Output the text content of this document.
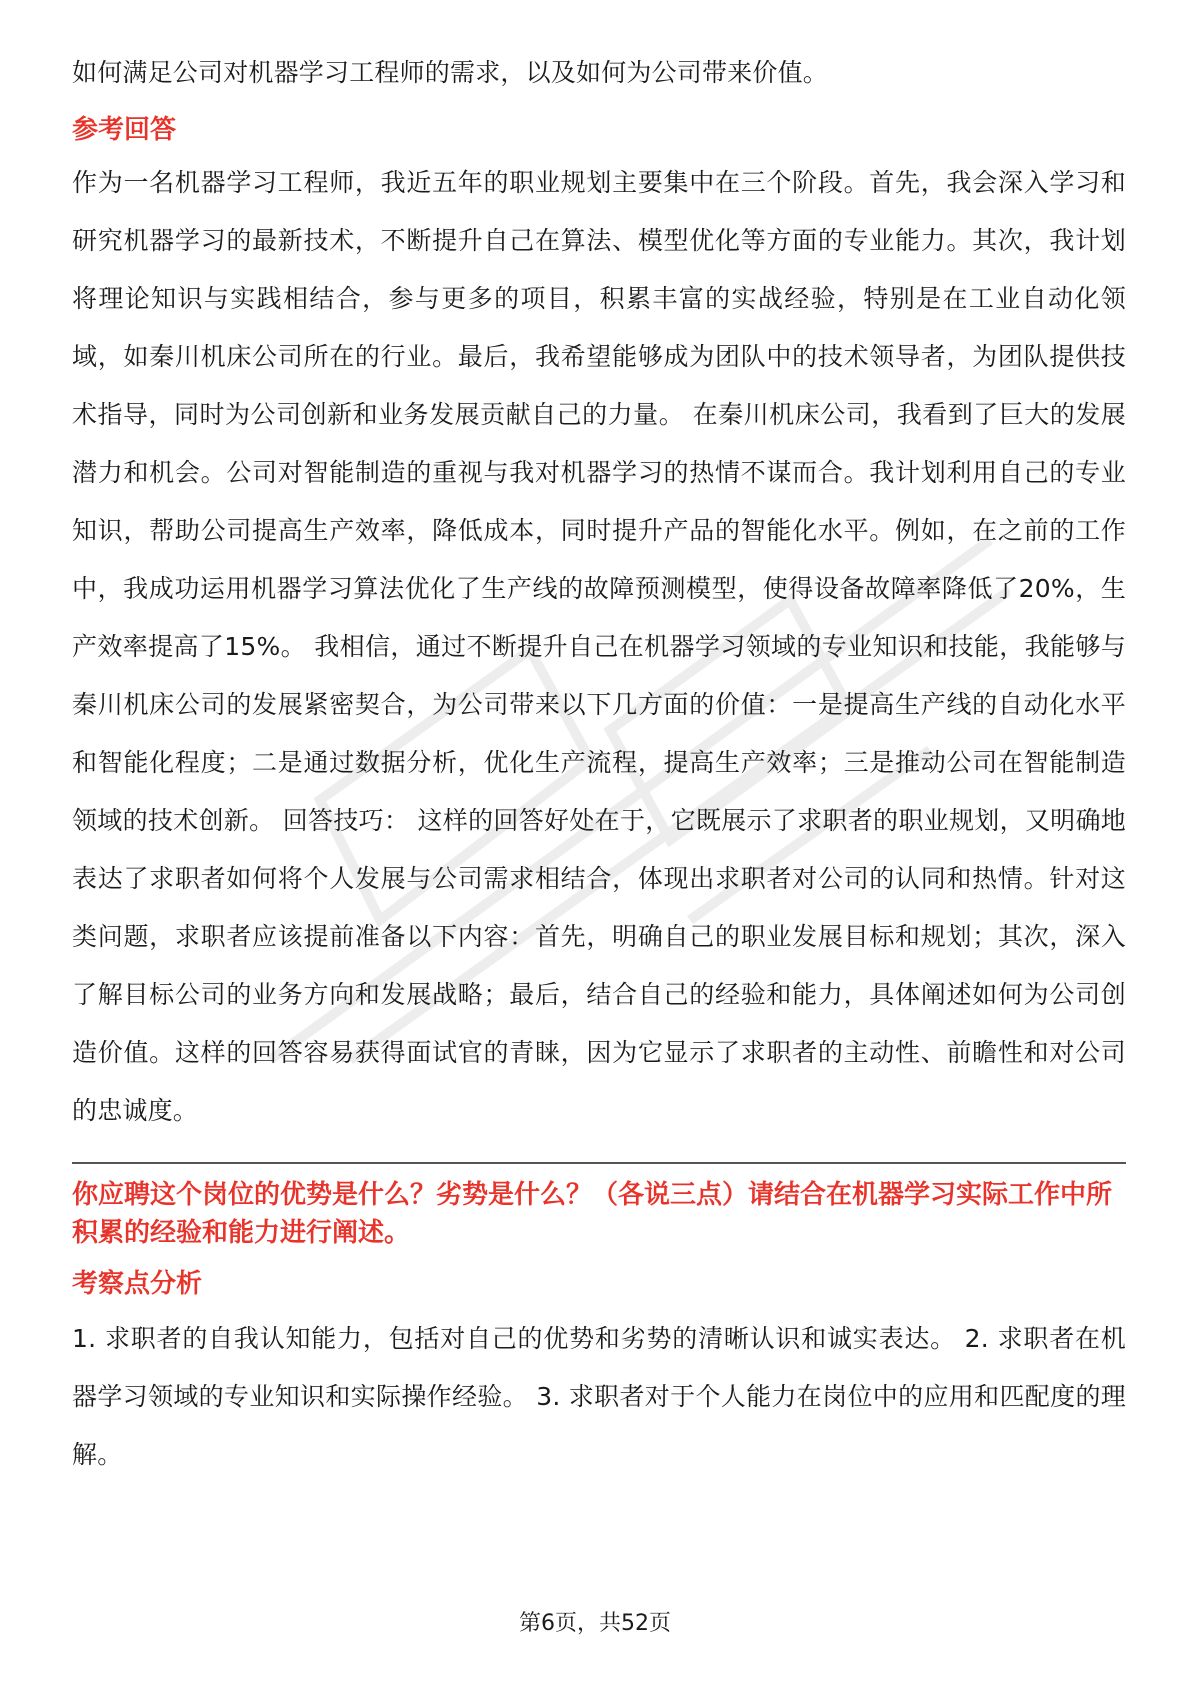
如何满足公司对机器学习工程师的需求，以及如何为公司带来价值。

参考回答

作为一名机器学习工程师，我近五年的职业规划主要集中在三个阶段。首先，我会深入学习和研究机器学习的最新技术，不断提升自己在算法、模型优化等方面的专业能力。其次，我计划将理论知识与实践相结合，参与更多的项目，积累丰富的实战经验，特别是在工业自动化领域，如秦川机床公司所在的行业。最后，我希望能够成为团队中的技术领导者，为团队提供技术指导，同时为公司创新和业务发展贡献自己的力量。 在秦川机床公司，我看到了巨大的发展潜力和机会。公司对智能制造的重视与我对机器学习的热情不谋而合。我计划利用自己的专业知识，帮助公司提高生产效率，降低成本，同时提升产品的智能化水平。例如，在之前的工作中，我成功运用机器学习算法优化了生产线的故障预测模型，使得设备故障率降低了20%，生产效率提高了15%。 我相信，通过不断提升自己在机器学习领域的专业知识和技能，我能够与秦川机床公司的发展紧密契合，为公司带来以下几方面的价值：一是提高生产线的自动化水平和智能化程度；二是通过数据分析，优化生产流程，提高生产效率；三是推动公司在智能制造领域的技术创新。 回答技巧： 这样的回答好处在于，它既展示了求职者的职业规划，又明确地表达了求职者如何将个人发展与公司需求相结合，体现出求职者对公司的认同和热情。针对这类问题，求职者应该提前准备以下内容：首先，明确自己的职业发展目标和规划；其次，深入了解目标公司的业务方向和发展战略；最后，结合自己的经验和能力，具体阐述如何为公司创造价值。这样的回答容易获得面试官的青睐，因为它显示了求职者的主动性、前瞻性和对公司的忠诚度。

你应聘这个岗位的优势是什么？劣势是什么？（各说三点）请结合在机器学习实际工作中所积累的经验和能力进行阐述。

考察点分析

1. 求职者的自我认知能力，包括对自己的优势和劣势的清晰认识和诚实表达。 2. 求职者在机器学习领域的专业知识和实际操作经验。 3. 求职者对于个人能力在岗位中的应用和匹配度的理解。

第6页，共52页
